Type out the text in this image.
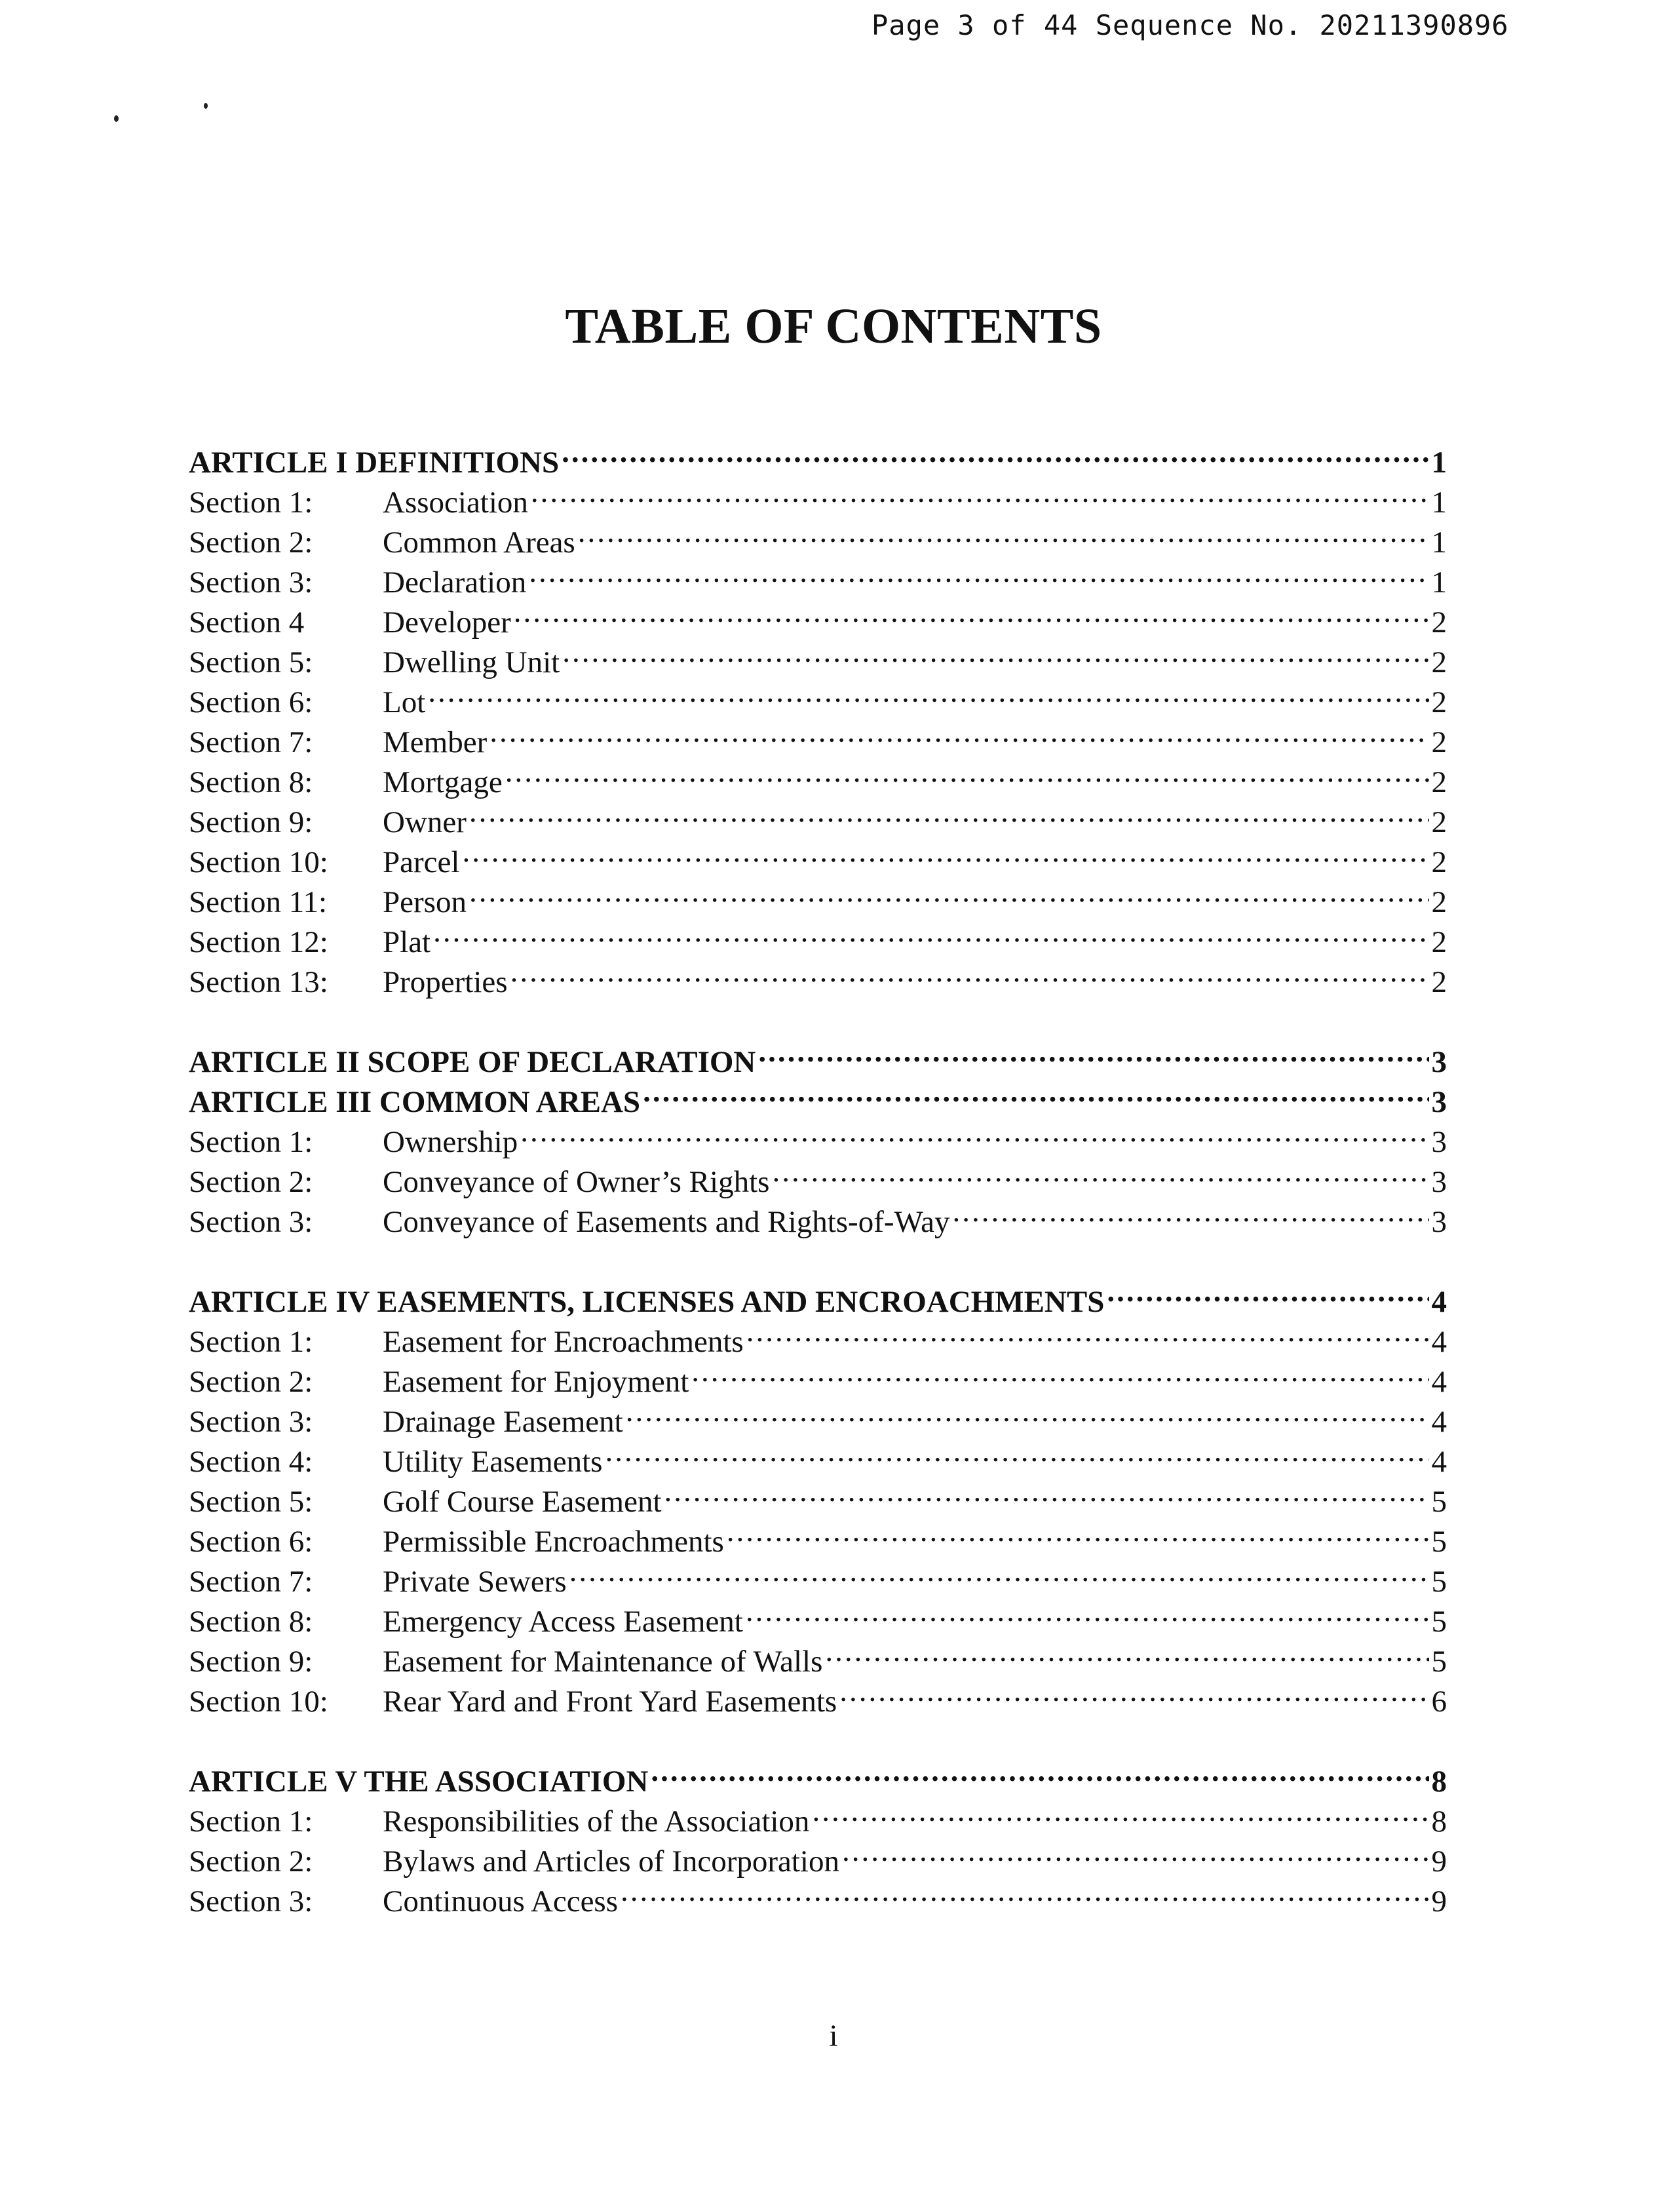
Page 3 of 44 Sequence No. 20211390896
TABLE OF CONTENTS
ARTICLE I DEFINITIONS .....	1
Section 1:	Association .....	1
Section 2:	Common Areas .....	1
Section 3:	Declaration .....	1
Section 4	Developer .....	2
Section 5:	Dwelling Unit .....	2
Section 6:	Lot .....	2
Section 7:	Member .....	2
Section 8:	Mortgage .....	2
Section 9:	Owner .....	2
Section 10:	Parcel .....	2
Section 11:	Person .....	2
Section 12:	Plat .....	2
Section 13:	Properties .....	2
ARTICLE II SCOPE OF DECLARATION .....	3
ARTICLE III COMMON AREAS .....	3
Section 1:	Ownership .....	3
Section 2:	Conveyance of Owner’s Rights .....	3
Section 3:	Conveyance of Easements and Rights-of-Way .....	3
ARTICLE IV EASEMENTS, LICENSES AND ENCROACHMENTS .....	4
Section 1:	Easement for Encroachments .....	4
Section 2:	Easement for Enjoyment .....	4
Section 3:	Drainage Easement .....	4
Section 4:	Utility Easements .....	4
Section 5:	Golf Course Easement .....	5
Section 6:	Permissible Encroachments .....	5
Section 7:	Private Sewers .....	5
Section 8:	Emergency Access Easement .....	5
Section 9:	Easement for Maintenance of Walls .....	5
Section 10:	Rear Yard and Front Yard Easements .....	6
ARTICLE V THE ASSOCIATION .....	8
Section 1:	Responsibilities of the Association .....	8
Section 2:	Bylaws and Articles of Incorporation .....	9
Section 3:	Continuous Access .....	9
i
